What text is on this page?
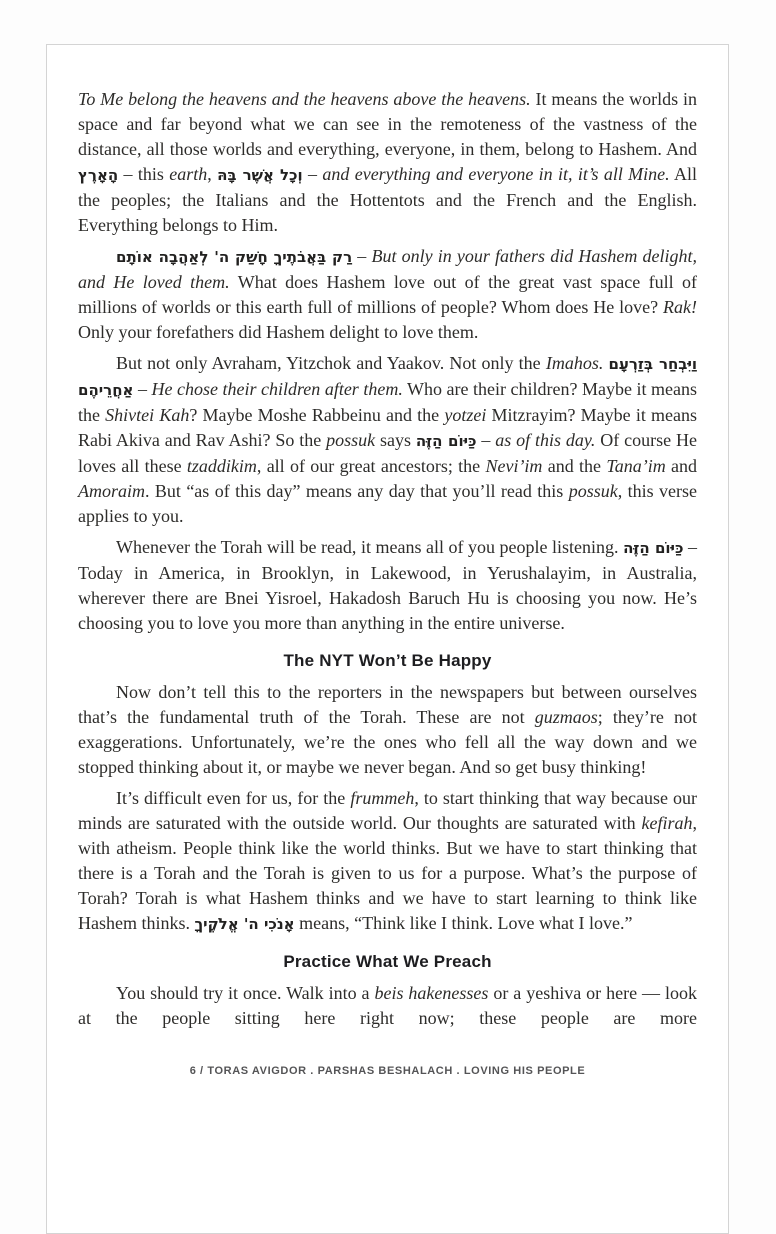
To Me belong the heavens and the heavens above the heavens. It means the worlds in space and far beyond what we can see in the remoteness of the vastness of the distance, all those worlds and everything, everyone, in them, belong to Hashem. And הָאָרֶץ – this earth, וְכָל אֲשֶׁר בָּהּ – and everything and everyone in it, it’s all Mine. All the peoples; the Italians and the Hottentots and the French and the English. Everything belongs to Him.

רַק בַּאֲבֹתֶיךָ חָשַׁק ה' לְאַהֲבָה אוֹתָם – But only in your fathers did Hashem delight, and He loved them. What does Hashem love out of the great vast space full of millions of worlds or this earth full of millions of people? Whom does He love? Rak! Only your forefathers did Hashem delight to love them.

But not only Avraham, Yitzchok and Yaakov. Not only the Imahos. וַיִּבְחַר בְּזַרְעָם אַחֲרֵיהֶם – He chose their children after them. Who are their children? Maybe it means the Shivtei Kah? Maybe Moshe Rabbeinu and the yotzei Mitzrayim? Maybe it means Rabi Akiva and Rav Ashi? So the possuk says כַּיּוֹם הַזֶּה – as of this day. Of course He loves all these tzaddikim, all of our great ancestors; the Nevi’im and the Tana’im and Amoraim. But “as of this day” means any day that you’ll read this possuk, this verse applies to you.

Whenever the Torah will be read, it means all of you people listening. כַּיּוֹם הַזֶּה – Today in America, in Brooklyn, in Lakewood, in Yerushalayim, in Australia, wherever there are Bnei Yisroel, Hakadosh Baruch Hu is choosing you now. He’s choosing you to love you more than anything in the entire universe.

The NYT Won’t Be Happy

Now don’t tell this to the reporters in the newspapers but between ourselves that’s the fundamental truth of the Torah. These are not guzmaos; they’re not exaggerations. Unfortunately, we’re the ones who fell all the way down and we stopped thinking about it, or maybe we never began. And so get busy thinking!

It’s difficult even for us, for the frummeh, to start thinking that way because our minds are saturated with the outside world. Our thoughts are saturated with kefirah, with atheism. People think like the world thinks. But we have to start thinking that there is a Torah and the Torah is given to us for a purpose. What’s the purpose of Torah? Torah is what Hashem thinks and we have to start learning to think like Hashem thinks. אָנֹכִי ה' אֱלֹקֶיךָ means, “Think like I think. Love what I love.”

Practice What We Preach

You should try it once. Walk into a beis hakenesses or a yeshiva or here — look at the people sitting here right now; these people are more

6 / TORAS AVIGDOR . PARSHAS BESHALACH . LOVING HIS PEOPLE
